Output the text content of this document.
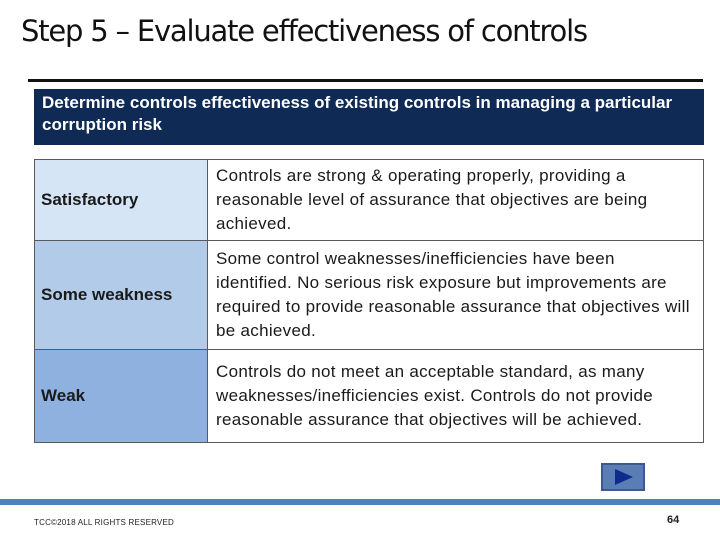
Step 5 – Evaluate effectiveness of controls
Determine controls effectiveness of existing controls in managing a particular corruption risk
Satisfactory	Controls are strong & operating properly, providing a reasonable level of assurance that objectives are being achieved.
Some weakness	Some control weaknesses/inefficiencies have been identified. No serious risk exposure but improvements are required to provide reasonable assurance that objectives will be achieved.
Weak	Controls do not meet an acceptable standard, as many weaknesses/inefficiencies exist. Controls do not provide reasonable assurance that objectives will be achieved.
TCC©2018 ALL RIGHTS RESERVED	64
